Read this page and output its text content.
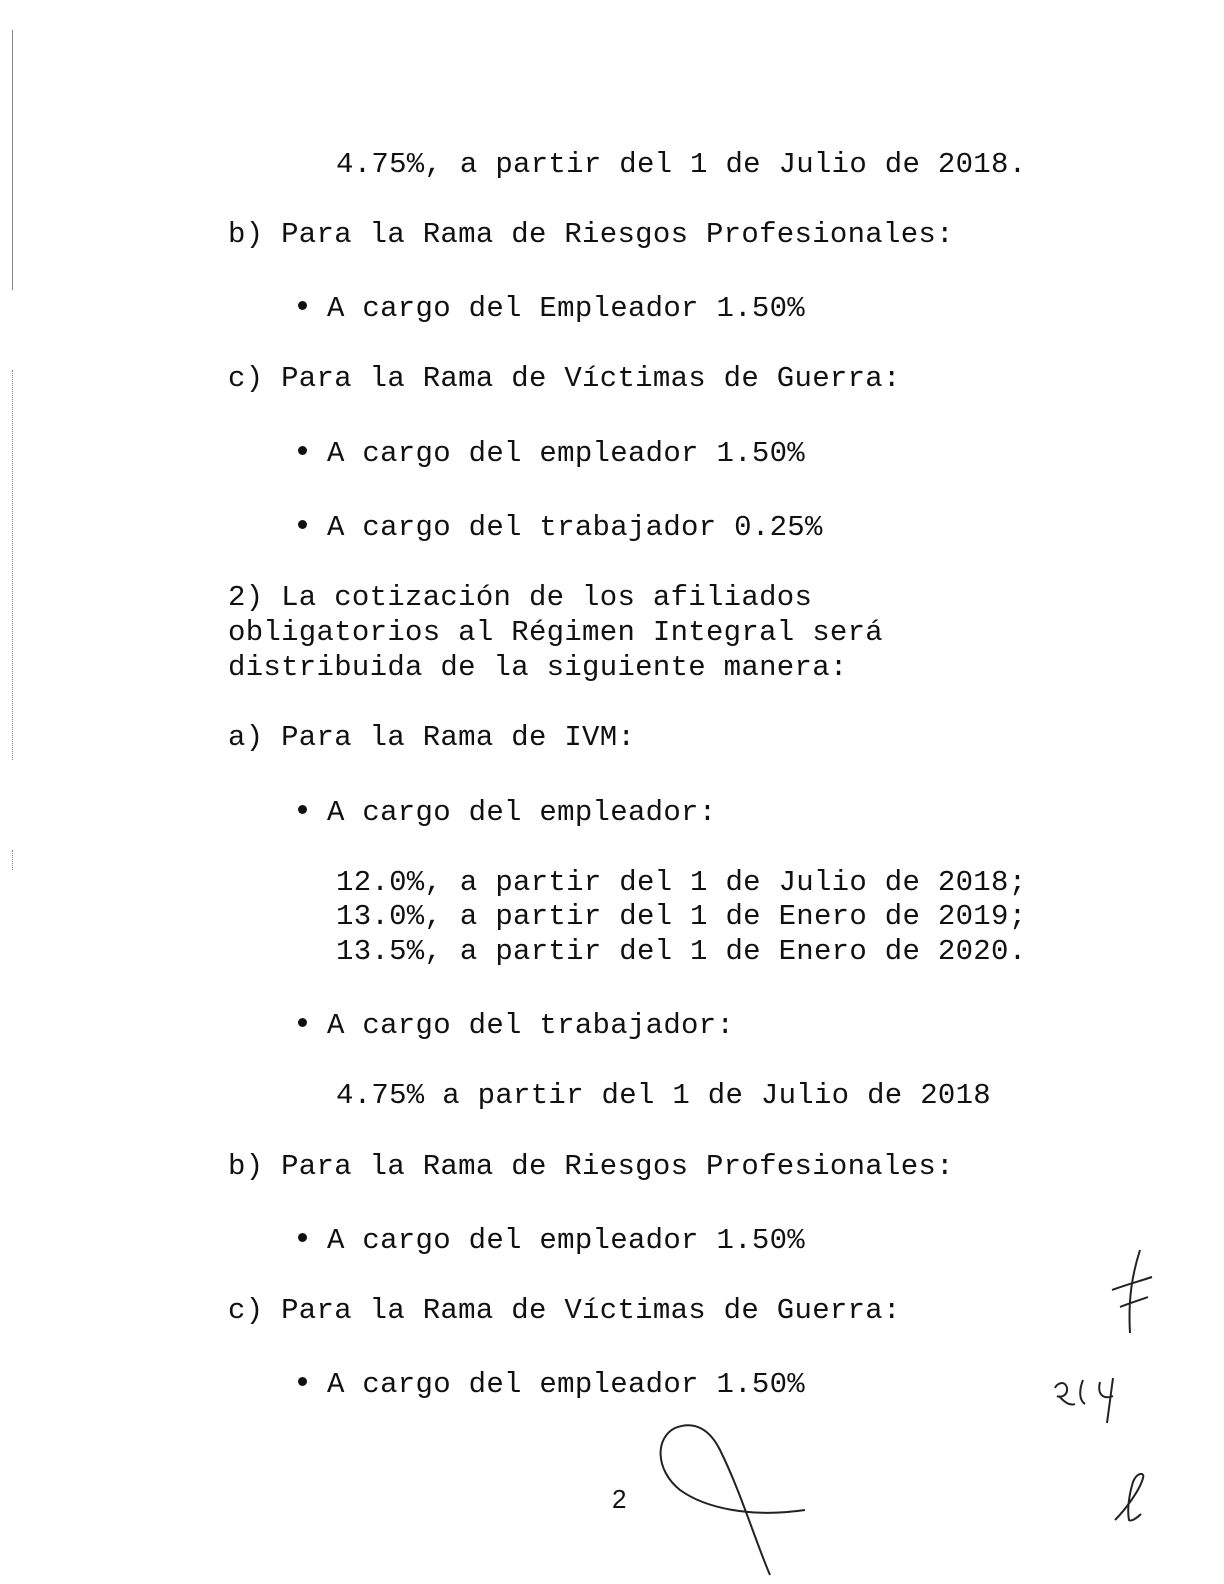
4.75%, a partir del 1 de Julio de 2018.
b) Para la Rama de Riesgos Profesionales:
A cargo del Empleador 1.50%
c) Para la Rama de Víctimas de Guerra:
A cargo del empleador 1.50%
A cargo del trabajador 0.25%
2) La cotización de los afiliados
obligatorios al Régimen Integral será
distribuida de la siguiente manera:
a) Para la Rama de IVM:
A cargo del empleador:
12.0%, a partir del 1 de Julio de 2018;
13.0%, a partir del 1 de Enero de 2019;
13.5%, a partir del 1 de Enero de 2020.
A cargo del trabajador:
4.75% a partir del 1 de Julio de 2018
b) Para la Rama de Riesgos Profesionales:
A cargo del empleador 1.50%
c) Para la Rama de Víctimas de Guerra:
A cargo del empleador 1.50%
2
